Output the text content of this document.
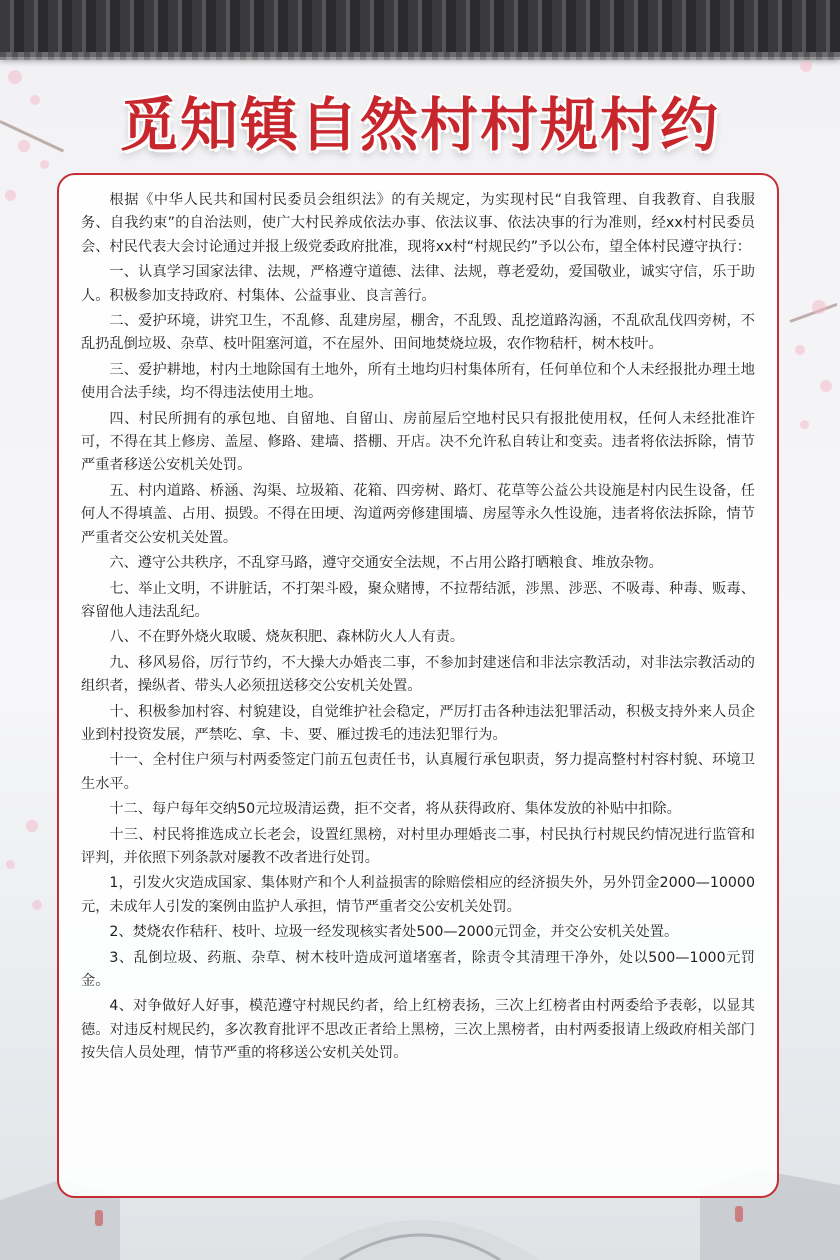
觅知镇自然村村规村约

根据《中华人民共和国村民委员会组织法》的有关规定，为实现村民“自我管理、自我教育、自我服务、自我约束”的自治法则，使广大村民养成依法办事、依法议事、依法决事的行为准则，经xx村村民委员会、村民代表大会讨论通过并报上级党委政府批准，现将xx村“村规民约”予以公布，望全体村民遵守执行：

一、认真学习国家法律、法规，严格遵守道德、法律、法规，尊老爱幼，爱国敬业，诚实守信，乐于助人。积极参加支持政府、村集体、公益事业、良言善行。

二、爱护环境，讲究卫生，不乱修、乱建房屋，棚舍，不乱毁、乱挖道路沟涵，不乱砍乱伐四旁树，不乱扔乱倒垃圾、杂草、枝叶阻塞河道，不在屋外、田间地焚烧垃圾，农作物秸杆，树木枝叶。

三、爱护耕地，村内土地除国有土地外，所有土地均归村集体所有，任何单位和个人未经报批办理土地使用合法手续，均不得违法使用土地。

四、村民所拥有的承包地、自留地、自留山、房前屋后空地村民只有报批使用权，任何人未经批准许可，不得在其上修房、盖屋、修路、建墙、搭棚、开店。决不允许私自转让和变卖。违者将依法拆除，情节严重者移送公安机关处罚。

五、村内道路、桥涵、沟渠、垃圾箱、花箱、四旁树、路灯、花草等公益公共设施是村内民生设备，任何人不得填盖、占用、损毁。不得在田埂、沟道两旁修建围墙、房屋等永久性设施，违者将依法拆除，情节严重者交公安机关处置。

六、遵守公共秩序，不乱穿马路，遵守交通安全法规，不占用公路打晒粮食、堆放杂物。

七、举止文明，不讲脏话，不打架斗殴，聚众赌博，不拉帮结派，涉黑、涉恶、不吸毒、种毒、贩毒、容留他人违法乱纪。

八、不在野外烧火取暖、烧灰积肥、森林防火人人有责。

九、移风易俗，厉行节约，不大操大办婚丧二事，不参加封建迷信和非法宗教活动，对非法宗教活动的组织者，操纵者、带头人必须扭送移交公安机关处置。

十、积极参加村容、村貌建设，自觉维护社会稳定，严厉打击各种违法犯罪活动，积极支持外来人员企业到村投资发展，严禁吃、拿、卡、要、雁过拨毛的违法犯罪行为。

十一、全村住户须与村两委签定门前五包责任书，认真履行承包职责，努力提高整村村容村貌、环境卫生水平。

十二、每户每年交纳50元垃圾清运费，拒不交者，将从获得政府、集体发放的补贴中扣除。

十三、村民将推选成立长老会，设置红黑榜，对村里办理婚丧二事，村民执行村规民约情况进行监管和评判，并依照下列条款对屡教不改者进行处罚。

1，引发火灾造成国家、集体财产和个人利益损害的除赔偿相应的经济损失外，另外罚金2000—10000元，未成年人引发的案例由监护人承担，情节严重者交公安机关处罚。

2、焚烧农作秸秆、枝叶、垃圾一经发现核实者处500—2000元罚金，并交公安机关处置。

3、乱倒垃圾、药瓶、杂草、树木枝叶造成河道堵塞者，除责令其清理干净外，处以500—1000元罚金。

4、对争做好人好事，模范遵守村规民约者，给上红榜表扬，三次上红榜者由村两委给予表彰，以显其德。对违反村规民约，多次教育批评不思改正者给上黑榜，三次上黑榜者，由村两委报请上级政府相关部门按失信人员处理，情节严重的将移送公安机关处罚。
